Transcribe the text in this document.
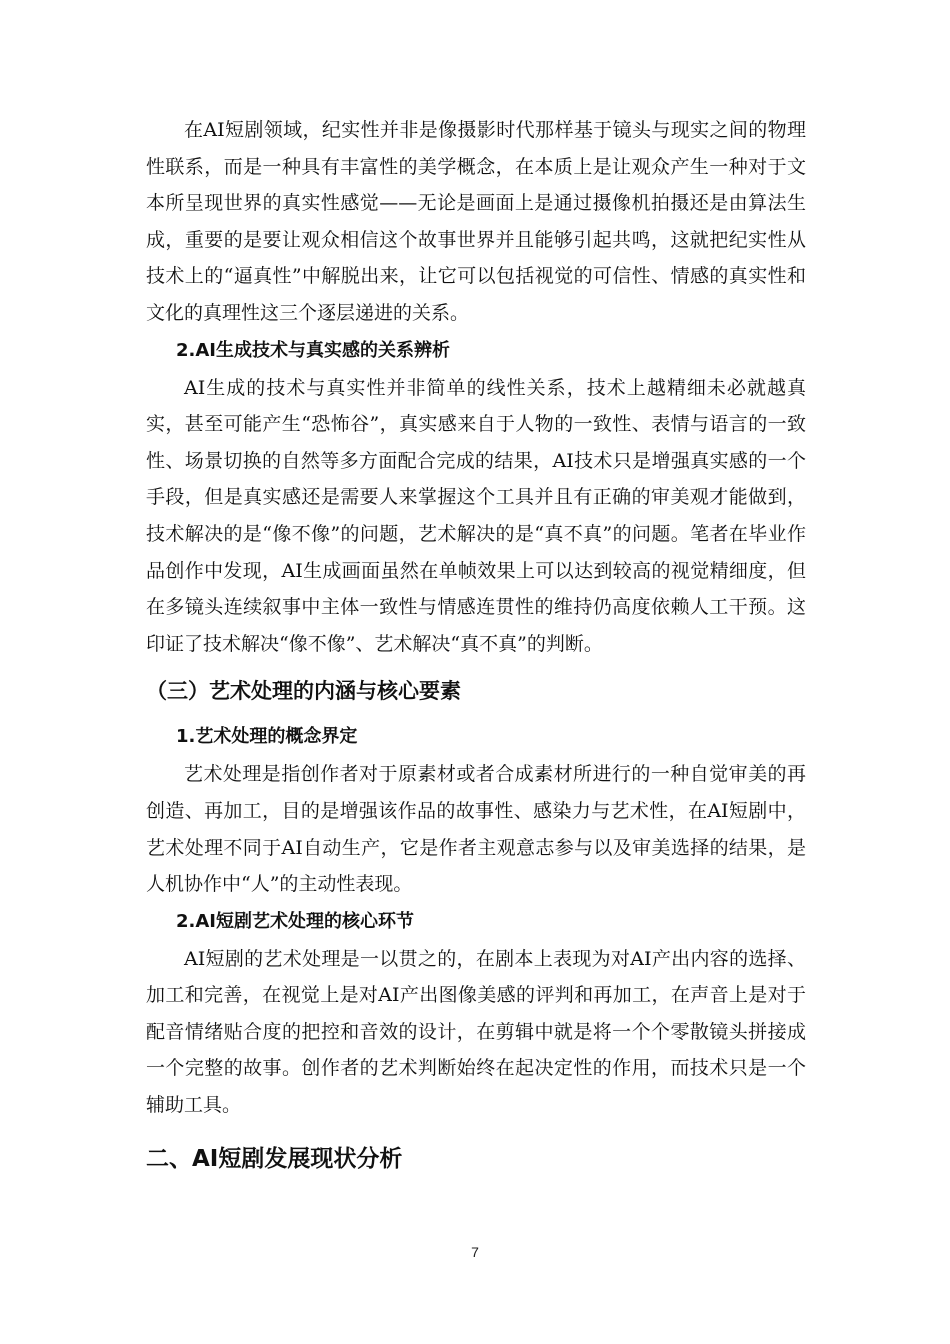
在AI短剧领域，纪实性并非是像摄影时代那样基于镜头与现实之间的物理性联系，而是一种具有丰富性的美学概念，在本质上是让观众产生一种对于文本所呈现世界的真实性感觉——无论是画面上是通过摄像机拍摄还是由算法生成，重要的是要让观众相信这个故事世界并且能够引起共鸣，这就把纪实性从技术上的“逼真性”中解脱出来，让它可以包括视觉的可信性、情感的真实性和文化的真理性这三个逐层递进的关系。

2.AI生成技术与真实感的关系辨析

AI生成的技术与真实性并非简单的线性关系，技术上越精细未必就越真实，甚至可能产生“恐怖谷”，真实感来自于人物的一致性、表情与语言的一致性、场景切换的自然等多方面配合完成的结果，AI技术只是增强真实感的一个手段，但是真实感还是需要人来掌握这个工具并且有正确的审美观才能做到，技术解决的是“像不像”的问题，艺术解决的是“真不真”的问题。笔者在毕业作品创作中发现，AI生成画面虽然在单帧效果上可以达到较高的视觉精细度，但在多镜头连续叙事中主体一致性与情感连贯性的维持仍高度依赖人工干预。这印证了技术解决“像不像”、艺术解决“真不真”的判断。

（三）艺术处理的内涵与核心要素
1.艺术处理的概念界定

艺术处理是指创作者对于原素材或者合成素材所进行的一种自觉审美的再创造、再加工，目的是增强该作品的故事性、感染力与艺术性，在AI短剧中，艺术处理不同于AI自动生产，它是作者主观意志参与以及审美选择的结果，是人机协作中“人”的主动性表现。

2.AI短剧艺术处理的核心环节

AI短剧的艺术处理是一以贯之的，在剧本上表现为对AI产出内容的选择、加工和完善，在视觉上是对AI产出图像美感的评判和再加工，在声音上是对于配音情绪贴合度的把控和音效的设计，在剪辑中就是将一个个零散镜头拼接成一个完整的故事。创作者的艺术判断始终在起决定性的作用，而技术只是一个辅助工具。

二、AI短剧发展现状分析
7
